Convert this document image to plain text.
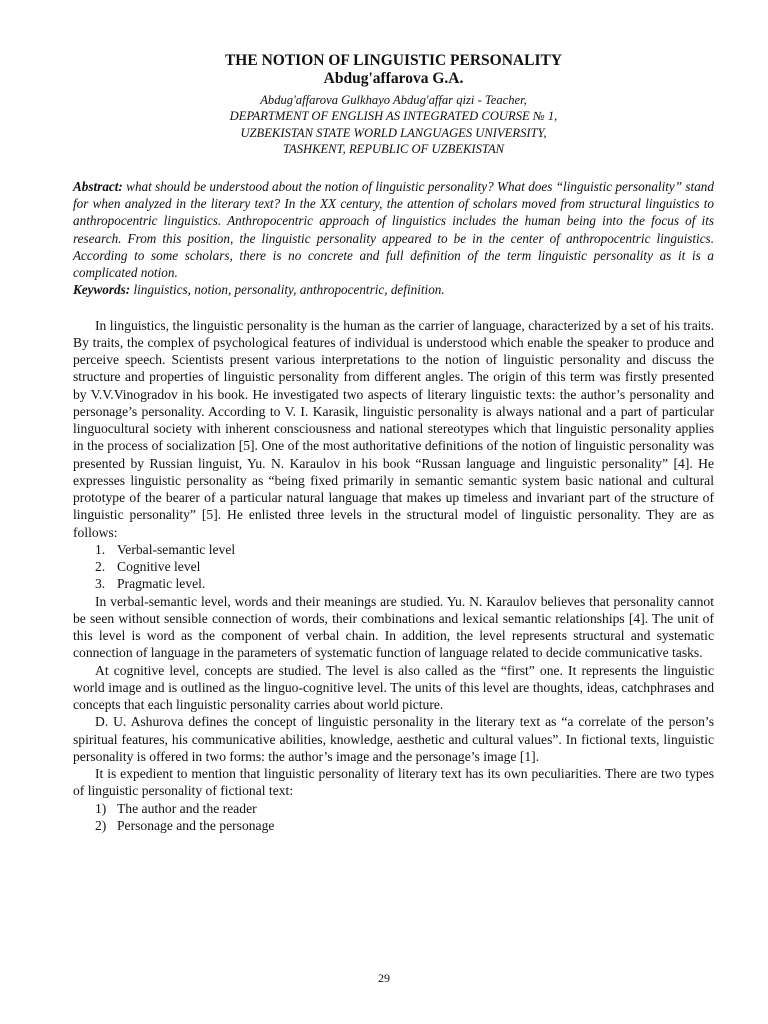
THE NOTION OF LINGUISTIC PERSONALITY
Abdug'affarova G.A.
Abdug'affarova Gulkhayo Abdug'affar qizi - Teacher,
DEPARTMENT OF ENGLISH AS INTEGRATED COURSE № 1,
UZBEKISTAN STATE WORLD LANGUAGES UNIVERSITY,
TASHKENT, REPUBLIC OF UZBEKISTAN
Abstract: what should be understood about the notion of linguistic personality? What does “linguistic personality” stand for when analyzed in the literary text? In the XX century, the attention of scholars moved from structural linguistics to anthropocentric linguistics. Anthropocentric approach of linguistics includes the human being into the focus of its research. From this position, the linguistic personality appeared to be in the center of anthropocentric linguistics. According to some scholars, there is no concrete and full definition of the term linguistic personality as it is a complicated notion.
Keywords: linguistics, notion, personality, anthropocentric, definition.

In linguistics, the linguistic personality is the human as the carrier of language, characterized by a set of his traits. By traits, the complex of psychological features of individual is understood which enable the speaker to produce and perceive speech. Scientists present various interpretations to the notion of linguistic personality and discuss the structure and properties of linguistic personality from different angles. The origin of this term was firstly presented by V.V.Vinogradov in his book. He investigated two aspects of literary linguistic texts: the author’s personality and personage’s personality. According to V. I. Karasik, linguistic personality is always national and a part of particular linguocultural society with inherent consciousness and national stereotypes which that linguistic personality applies in the process of socialization [5]. One of the most authoritative definitions of the notion of linguistic personality was presented by Russian linguist, Yu. N. Karaulov in his book “Russan language and linguistic personality” [4]. He expresses linguistic personality as “being fixed primarily in semantic semantic system basic national and cultural prototype of the bearer of a particular natural language that makes up timeless and invariant part of the structure of linguistic personality” [5]. He enlisted three levels in the structural model of linguistic personality. They are as follows:

1. Verbal-semantic level
2. Cognitive level
3. Pragmatic level.

In verbal-semantic level, words and their meanings are studied. Yu. N. Karaulov believes that personality cannot be seen without sensible connection of words, their combinations and lexical semantic relationships [4]. The unit of this level is word as the component of verbal chain. In addition, the level represents structural and systematic connection of language in the parameters of systematic function of language related to decide communicative tasks.

At cognitive level, concepts are studied. The level is also called as the “first” one. It represents the linguistic world image and is outlined as the linguo-cognitive level. The units of this level are thoughts, ideas, catchphrases and concepts that each linguistic personality carries about world picture.

D. U. Ashurova defines the concept of linguistic personality in the literary text as “a correlate of the person’s spiritual features, his communicative abilities, knowledge, aesthetic and cultural values”. In fictional texts, linguistic personality is offered in two forms: the author’s image and the personage’s image [1].

It is expedient to mention that linguistic personality of literary text has its own peculiarities. There are two types of linguistic personality of fictional text:

1) The author and the reader
2) Personage and the personage
29
